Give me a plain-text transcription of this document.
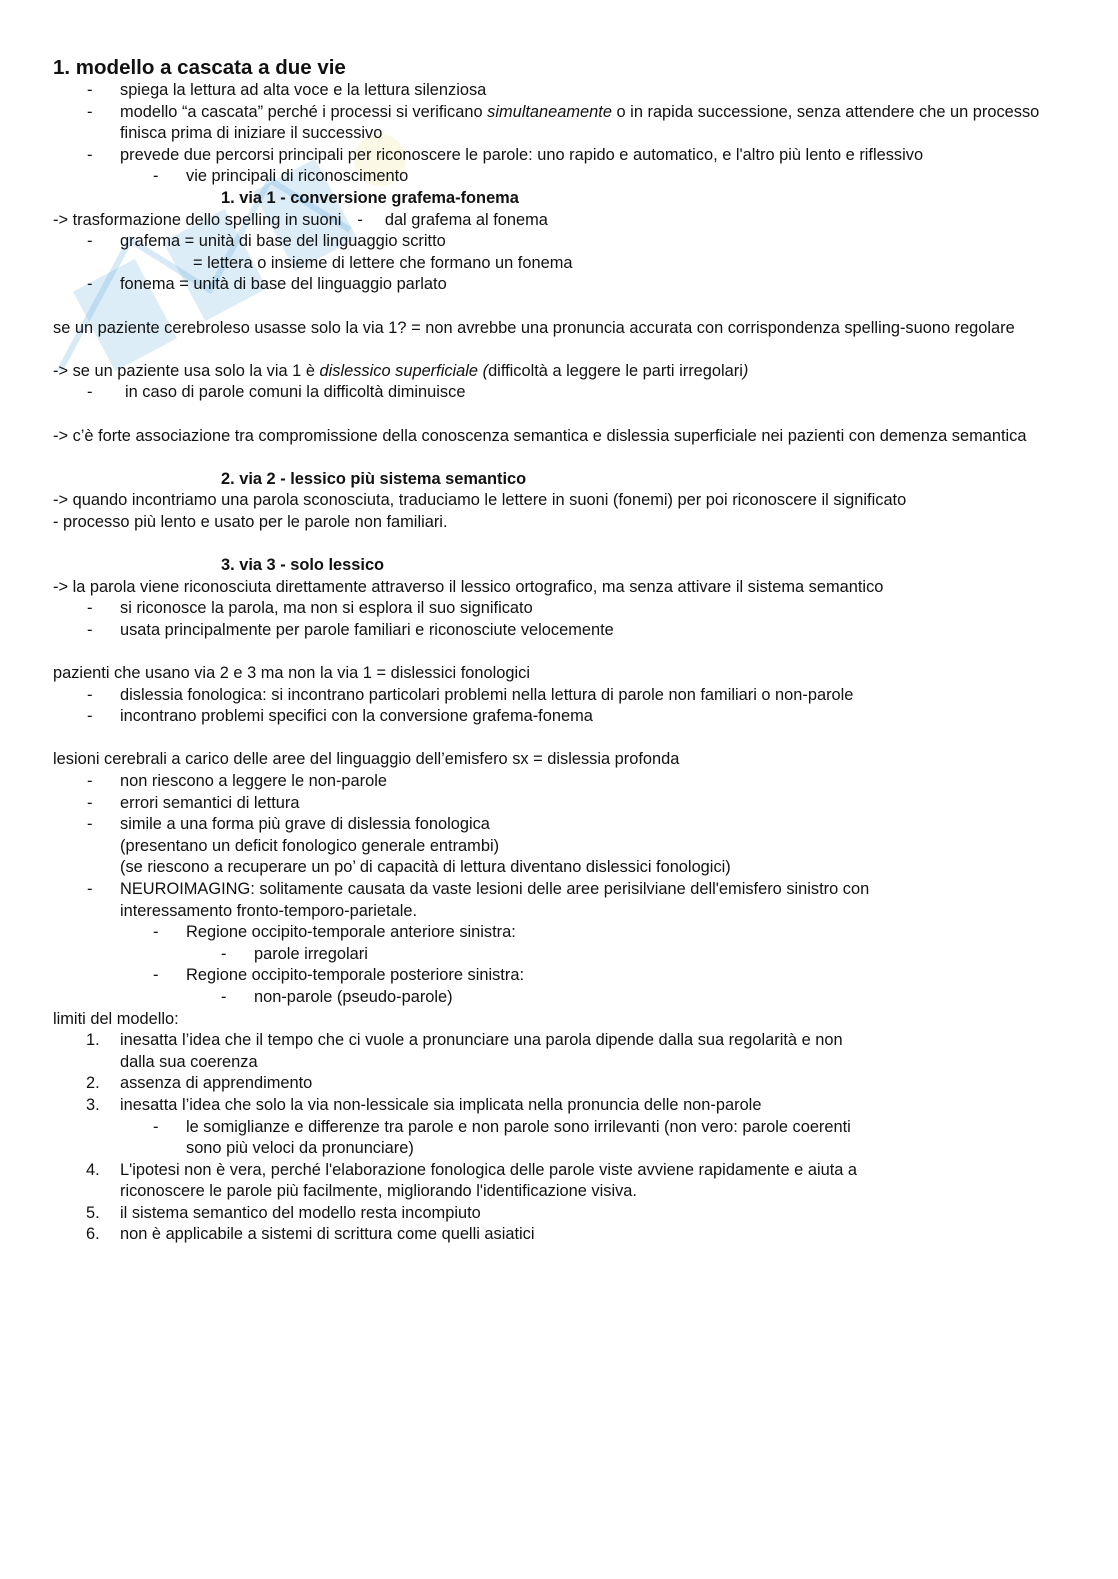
1. modello a cascata a due vie
- spiega la lettura ad alta voce e la lettura silenziosa
- modello “a cascata” perché i processi si verificano simultaneamente o in rapida successione, senza attendere che un processo finisca prima di iniziare il successivo
- prevede due percorsi principali per riconoscere le parole: uno rapido e automatico, e l'altro più lento e riflessivo
- vie principali di riconoscimento
1. via 1 - conversione grafema-fonema
-> trasformazione dello spelling in suoni - dal grafema al fonema
- grafema = unità di base del linguaggio scritto
= lettera o insieme di lettere che formano un fonema
- fonema = unità di base del linguaggio parlato
se un paziente cerebroleso usasse solo la via 1? = non avrebbe una pronuncia accurata con corrispondenza spelling-suono regolare
-> se un paziente usa solo la via 1 è dislessico superficiale (difficoltà a leggere le parti irregolari)
- in caso di parole comuni la difficoltà diminuisce
-> c’è forte associazione tra compromissione della conoscenza semantica e dislessia superficiale nei pazienti con demenza semantica
2. via 2 - lessico più sistema semantico
-> quando incontriamo una parola sconosciuta, traduciamo le lettere in suoni (fonemi) per poi riconoscere il significato
- processo più lento e usato per le parole non familiari.
3. via 3 - solo lessico
-> la parola viene riconosciuta direttamente attraverso il lessico ortografico, ma senza attivare il sistema semantico
- si riconosce la parola, ma non si esplora il suo significato
- usata principalmente per parole familiari e riconosciute velocemente
pazienti che usano via 2 e 3 ma non la via 1 = dislessici fonologici
- dislessia fonologica: si incontrano particolari problemi nella lettura di parole non familiari o non-parole
- incontrano problemi specifici con la conversione grafema-fonema
lesioni cerebrali a carico delle aree del linguaggio dell’emisfero sx = dislessia profonda
- non riescono a leggere le non-parole
- errori semantici di lettura
- simile a una forma più grave di dislessia fonologica
(presentano un deficit fonologico generale entrambi)
(se riescono a recuperare un po’ di capacità di lettura diventano dislessici fonologici)
- NEUROIMAGING: solitamente causata da vaste lesioni delle aree perisilviane dell'emisfero sinistro con
interessamento fronto-temporo-parietale.
- Regione occipito-temporale anteriore sinistra:
- parole irregolari
- Regione occipito-temporale posteriore sinistra:
- non-parole (pseudo-parole)
limiti del modello:
1. inesatta l’idea che il tempo che ci vuole a pronunciare una parola dipende dalla sua regolarità e non
dalla sua coerenza
2. assenza di apprendimento
3. inesatta l’idea che solo la via non-lessicale sia implicata nella pronuncia delle non-parole
- le somiglianze e differenze tra parole e non parole sono irrilevanti (non vero: parole coerenti
sono più veloci da pronunciare)
4. L'ipotesi non è vera, perché l'elaborazione fonologica delle parole viste avviene rapidamente e aiuta a
riconoscere le parole più facilmente, migliorando l'identificazione visiva.
5. il sistema semantico del modello resta incompiuto
6. non è applicabile a sistemi di scrittura come quelli asiatici
